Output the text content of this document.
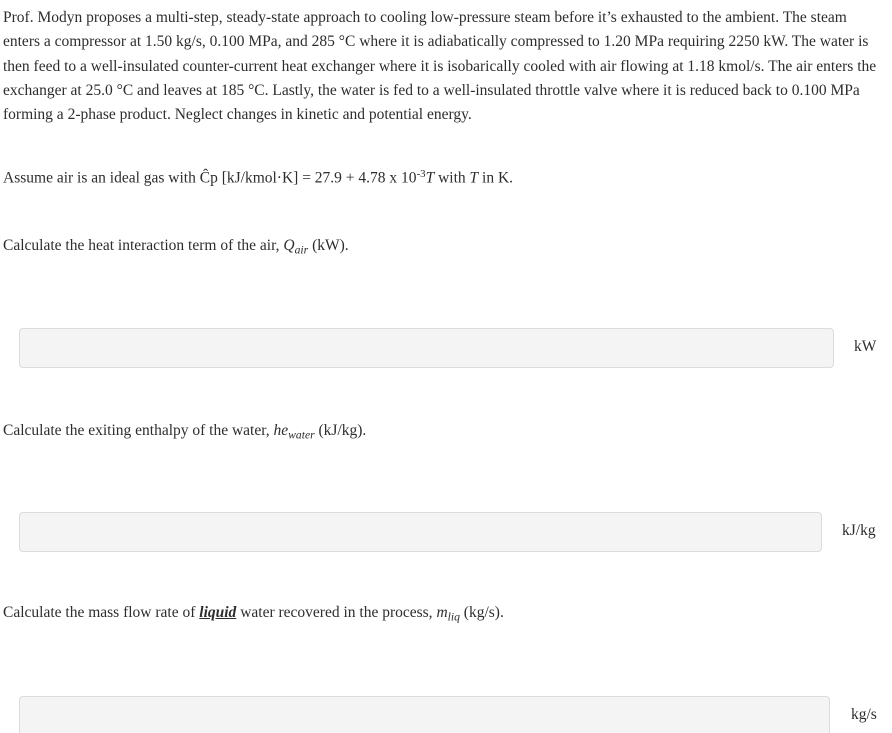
Prof. Modyn proposes a multi-step, steady-state approach to cooling low-pressure steam before it’s exhausted to the ambient. The steam enters a compressor at 1.50 kg/s, 0.100 MPa, and 285 °C where it is adiabatically compressed to 1.20 MPa requiring 2250 kW. The water is then feed to a well-insulated counter-current heat exchanger where it is isobarically cooled with air flowing at 1.18 kmol/s. The air enters the exchanger at 25.0 °C and leaves at 185 °C. Lastly, the water is fed to a well-insulated throttle valve where it is reduced back to 0.100 MPa forming a 2-phase product. Neglect changes in kinetic and potential energy.

Assume air is an ideal gas with Ĉp [kJ/kmol·K] = 27.9 + 4.78 x $10^{-3}T$ with T in K.

Calculate the heat interaction term of the air, $Q_{air}$ (kW).

kW

Calculate the exiting enthalpy of the water, $he_{water}$ (kJ/kg).

kJ/kg

Calculate the mass flow rate of liquid water recovered in the process, $m_{liq}$ (kg/s).

kg/s
